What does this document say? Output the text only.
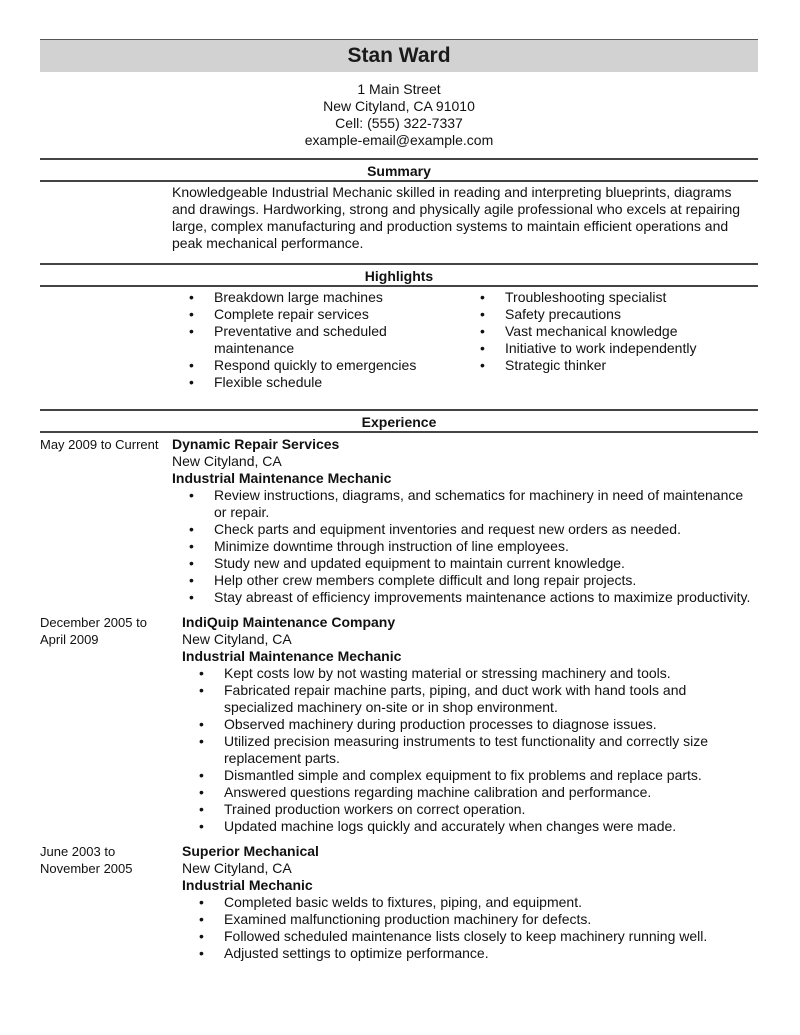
Stan Ward
1 Main Street
New Cityland, CA 91010
Cell: (555) 322-7337
example-email@example.com
Summary
Knowledgeable Industrial Mechanic skilled in reading and interpreting blueprints, diagrams and drawings. Hardworking, strong and physically agile professional who excels at repairing large, complex manufacturing and production systems to maintain efficient operations and peak mechanical performance.
Highlights
• Breakdown large machines
• Complete repair services
• Preventative and scheduled maintenance
• Respond quickly to emergencies
• Flexible schedule
• Troubleshooting specialist
• Safety precautions
• Vast mechanical knowledge
• Initiative to work independently
• Strategic thinker
Experience
May 2009 to Current Dynamic Repair Services
New Cityland, CA
Industrial Maintenance Mechanic
• Review instructions, diagrams, and schematics for machinery in need of maintenance or repair.
• Check parts and equipment inventories and request new orders as needed.
• Minimize downtime through instruction of line employees.
• Study new and updated equipment to maintain current knowledge.
• Help other crew members complete difficult and long repair projects.
• Stay abreast of efficiency improvements maintenance actions to maximize productivity.
December 2005 to April 2009
IndiQuip Maintenance Company
New Cityland, CA
Industrial Maintenance Mechanic
• Kept costs low by not wasting material or stressing machinery and tools.
• Fabricated repair machine parts, piping, and duct work with hand tools and specialized machinery on-site or in shop environment.
• Observed machinery during production processes to diagnose issues.
• Utilized precision measuring instruments to test functionality and correctly size replacement parts.
• Dismantled simple and complex equipment to fix problems and replace parts.
• Answered questions regarding machine calibration and performance.
• Trained production workers on correct operation.
• Updated machine logs quickly and accurately when changes were made.
June 2003 to November 2005
Superior Mechanical
New Cityland, CA
Industrial Mechanic
• Completed basic welds to fixtures, piping, and equipment.
• Examined malfunctioning production machinery for defects.
• Followed scheduled maintenance lists closely to keep machinery running well.
• Adjusted settings to optimize performance.
